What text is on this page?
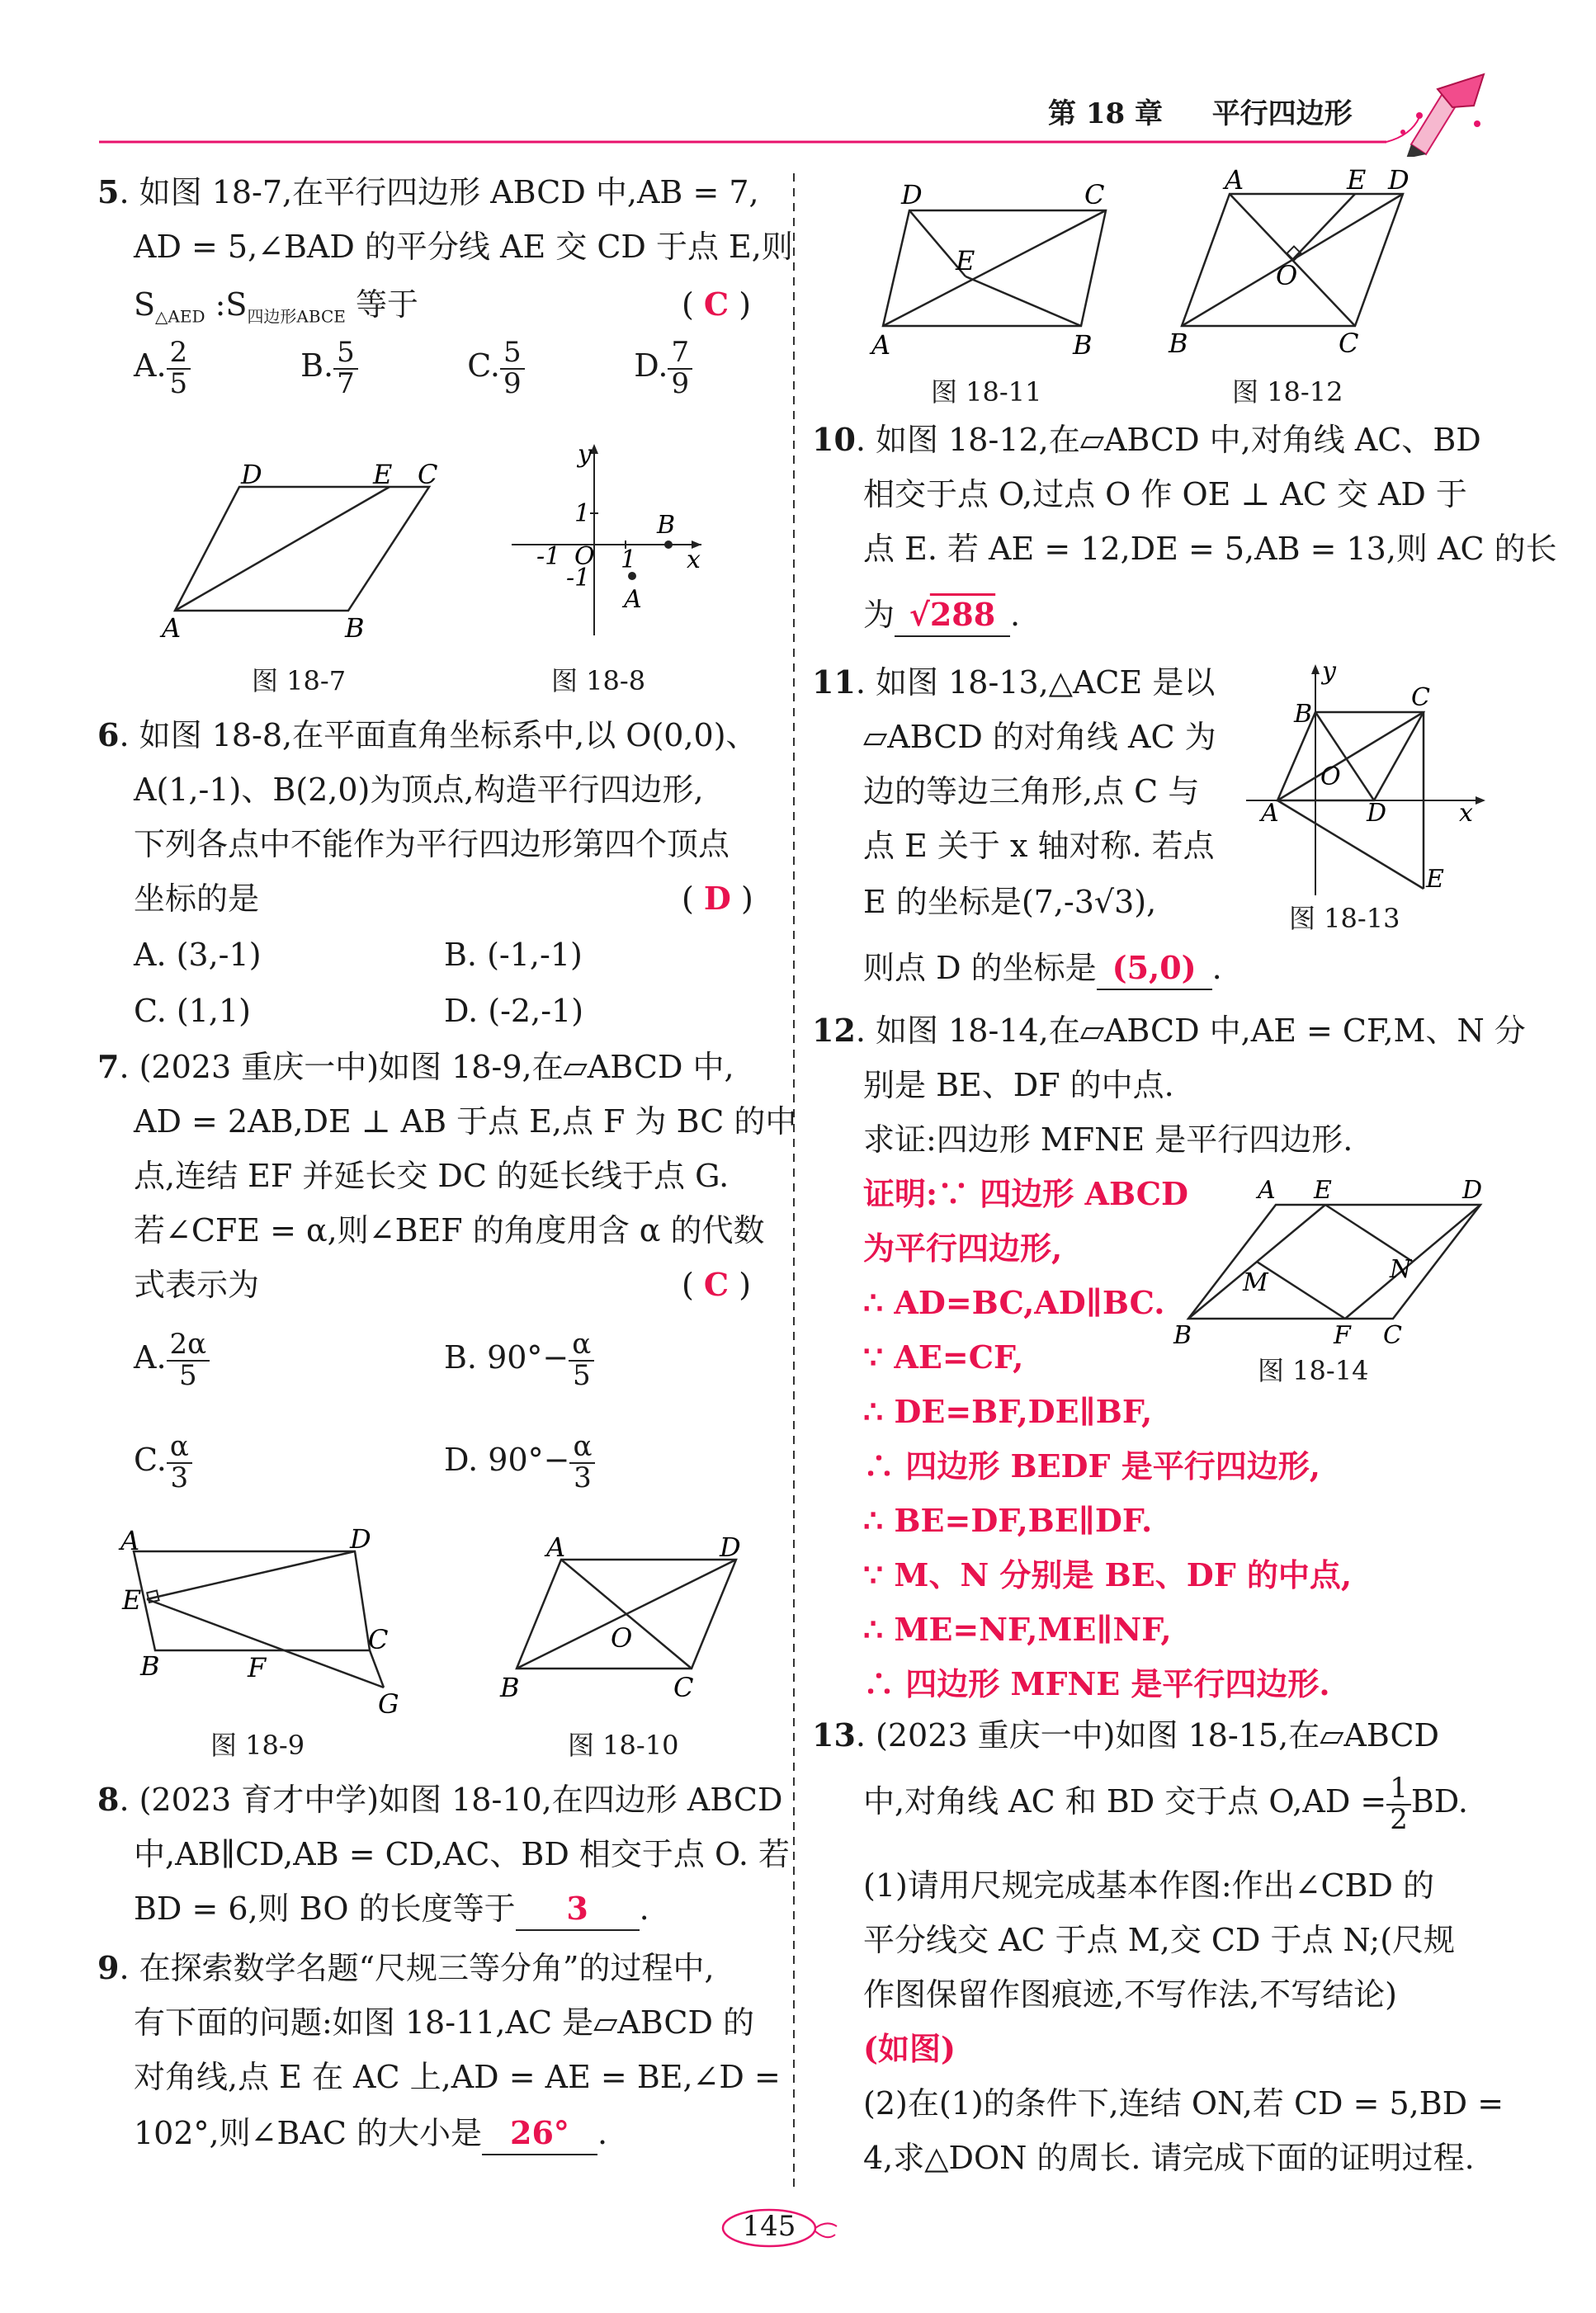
第 18 章 平行四边形
5. 如图 18-7,在平行四边形 ABCD 中,AB = 7,
AD = 5,∠BAD 的平分线 AE 交 CD 于点 E,则
$S_{\triangle AED}$ $:S_{四边形ABCE}$ 等于	( C )
A. $\frac{2}{5}$	B. $\frac{5}{7}$	C. $\frac{5}{9}$	D. $\frac{7}{9}$
D	E C
A	B
图 18-7
y
1
-1 O 1
-1
B
x
A
图 18-8
6. 如图 18-8,在平面直角坐标系中,以 O(0,0)、
A(1,-1)、B(2,0)为顶点,构造平行四边形,
下列各点中不能作为平行四边形第四个顶点
坐标的是	( D )
A. (3,-1)	B. (-1,-1)
C. (1,1)	D. (-2,-1)
7. (2023 重庆一中)如图 18-9,在▱ABCD 中,
AD = 2AB,DE ⊥ AB 于点 E,点 F 为 BC 的中
点,连结 EF 并延长交 DC 的延长线于点 G.
若∠CFE = α,则∠BEF 的角度用含 α 的代数
式表示为	( C )
A. $\frac{2\alpha}{5}$	B. $90^\circ- \frac{\alpha}{5}$
C. $\frac{\alpha}{3}$	D. $90^\circ- \frac{\alpha}{3}$
A	D
E
B	F
C
G
图 18-9
A	D
O
B	C
图 18-10
8. (2023 育才中学)如图 18-10,在四边形 ABCD
中,AB∥CD,AB = CD,AC、BD 相交于点 O. 若
BD = 6,则 BO 的长度等于 3 .
9. 在探索数学名题“尺规三等分角”的过程中,
有下面的问题:如图 18-11,AC 是▱ABCD 的
对角线,点 E 在 AC 上,AD = AE = BE,∠D =
102°,则∠BAC 的大小是 26° .
D	C
E
A	B
图 18-11
A	E D
O
B	C
图 18-12
10. 如图 18-12,在▱ABCD 中,对角线 AC、BD
相交于点 O,过点 O 作 OE ⊥ AC 交 AD 于
点 E. 若 AE = 12,DE = 5,AB = 13,则 AC 的长
为 √288 .
11. 如图 18-13,△ACE 是以
▱ABCD 的对角线 AC 为
边的等边三角形,点 C 与
点 E 关于 x 轴对称. 若点
E 的坐标是(7,-3√3),
则点 D 的坐标是 (5,0) .
y
B
C
O
A	D	x
E
图 18-13
12. 如图 18-14,在▱ABCD 中,AE = CF,M、N 分
别是 BE、DF 的中点.
求证:四边形 MFNE 是平行四边形.
证明:∵ 四边形 ABCD
为平行四边形,
∴ AD=BC,AD∥BC.
∵ AE=CF,
∴ DE=BF,DE∥BF,
∴ 四边形 BEDF 是平行四边形,
∴ BE=DF,BE∥DF.
∵ M、N 分别是 BE、DF 的中点,
∴ ME=NF,ME∥NF,
∴ 四边形 MFNE 是平行四边形.
A E	D
N
M
B	F C
图 18-14
13. (2023 重庆一中)如图 18-15,在▱ABCD
中,对角线 AC 和 BD 交于点 $O,AD = \frac{1}{2}$ BD.
(1)请用尺规完成基本作图:作出∠CBD 的
平分线交 AC 于点 M,交 CD 于点 N;(尺规
作图保留作图痕迹,不写作法,不写结论)
(如图)
(2)在(1)的条件下,连结 ON,若 CD = 5,BD =
4,求△DON 的周长. 请完成下面的证明过程.
145
